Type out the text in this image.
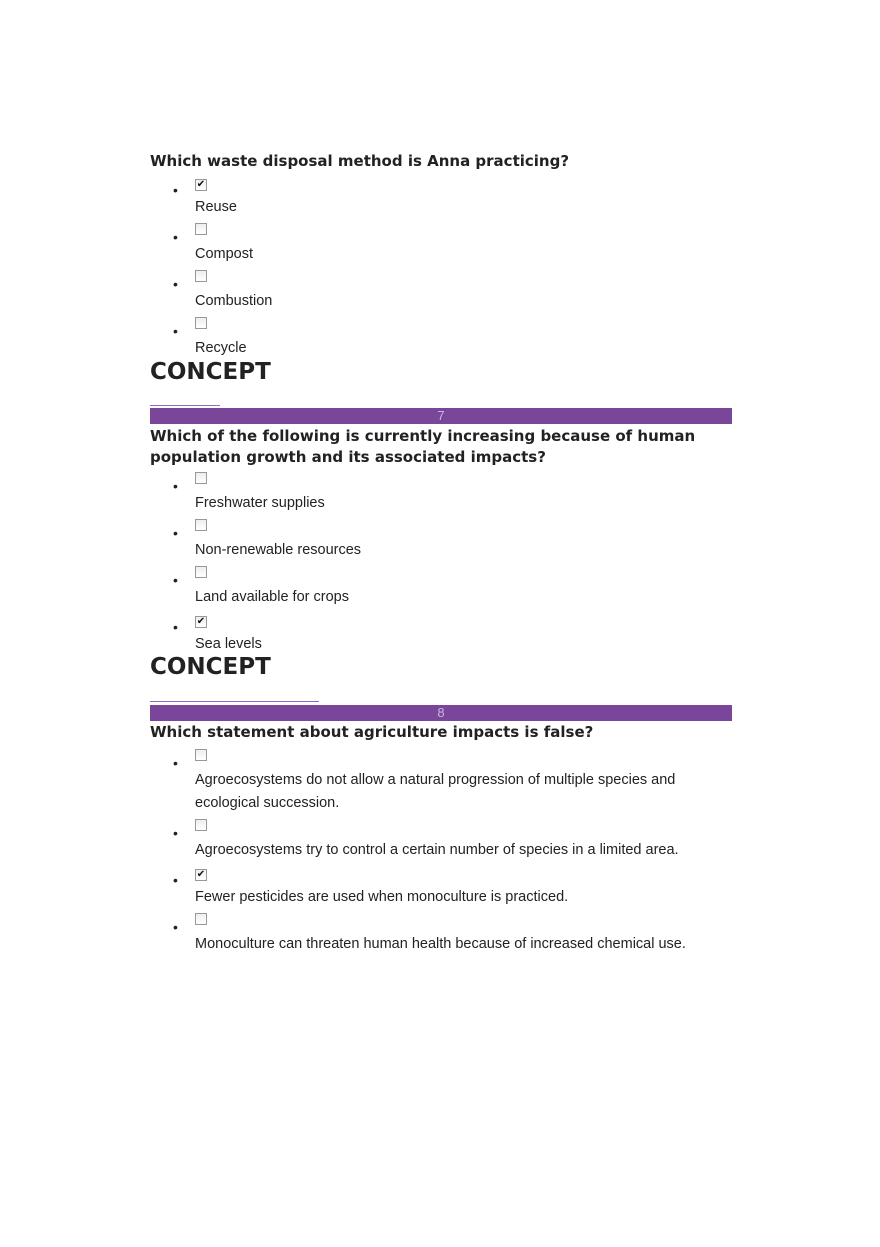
Which waste disposal method is Anna practicing?

• ✔
Reuse
•
Compost
•
Combustion
•
Recycle
CONCEPT
7

Which of the following is currently increasing because of human population growth and its associated impacts?

•
Freshwater supplies
•
Non-renewable resources
•
Land available for crops
• ✔
Sea levels
CONCEPT
8

Which statement about agriculture impacts is false?

•
Agroecosystems do not allow a natural progression of multiple species and ecological succession.
•
Agroecosystems try to control a certain number of species in a limited area.
• ✔
Fewer pesticides are used when monoculture is practiced.
•
Monoculture can threaten human health because of increased chemical use.
